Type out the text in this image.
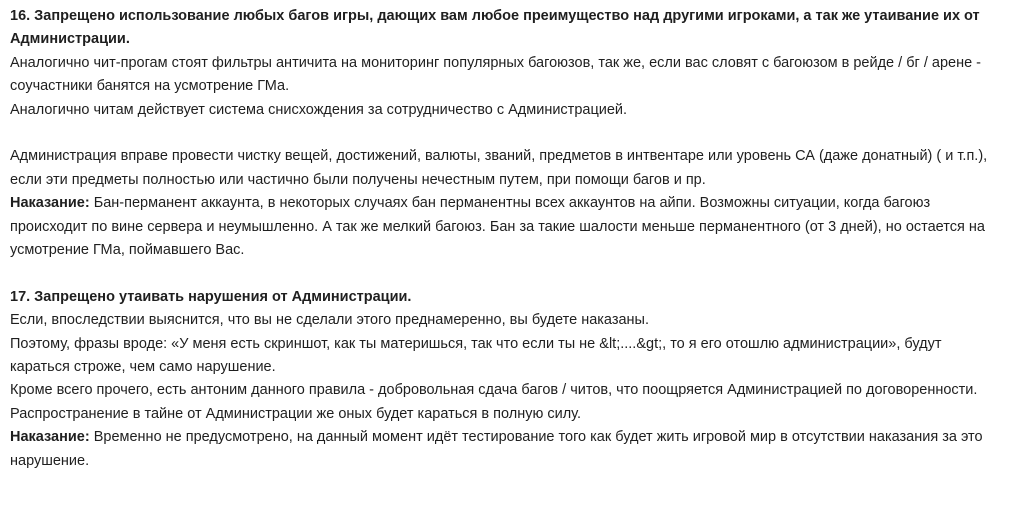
16. Запрещено использование любых багов игры, дающих вам любое преимущество над другими игроками, а так же утаивание их от Администрации.

Аналогично чит-прогам стоят фильтры античита на мониторинг популярных багоюзов, так же, если вас словят с багоюзом в рейде / бг / арене - соучастники банятся на усмотрение ГМа.

Аналогично читам действует система снисхождения за сотрудничество с Администрацией.

Администрация вправе провести чистку вещей, достижений, валюты, званий, предметов в интвентаре или уровень СА (даже донатный) ( и т.п.), если эти предметы полностью или частично были получены нечестным путем, при помощи багов и пр.

Наказание: Бан-перманент аккаунта, в некоторых случаях бан перманентны всех аккаунтов на айпи. Возможны ситуации, когда багоюз происходит по вине сервера и неумышленно. А так же мелкий багоюз. Бан за такие шалости меньше перманентного (от 3 дней), но остается на усмотрение ГМа, поймавшего Вас.

17. Запрещено утаивать нарушения от Администрации.

Если, впоследствии выяснится, что вы не сделали этого преднамеренно, вы будете наказаны.

Поэтому, фразы вроде: «У меня есть скриншот, как ты материшься, так что если ты не &lt;....&gt;, то я его отошлю администрации», будут караться строже, чем само нарушение.

Кроме всего прочего, есть антоним данного правила - добровольная сдача багов / читов, что поощряется Администрацией по договоренности.

Распространение в тайне от Администрации же оных будет караться в полную силу.

Наказание: Временно не предусмотрено, на данный момент идёт тестирование того как будет жить игровой мир в отсутствии наказания за это нарушение.
